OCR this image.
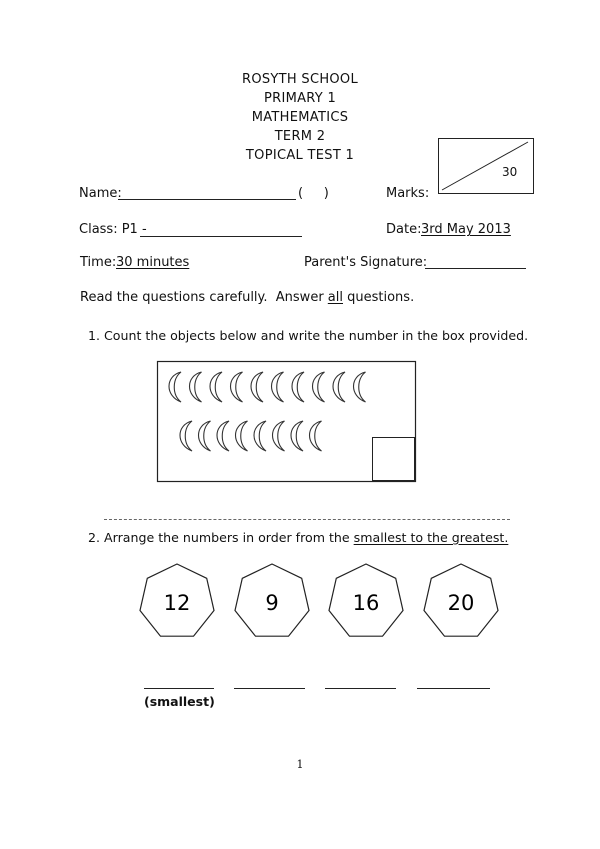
ROSYTH SCHOOL
PRIMARY 1
MATHEMATICS
TERM 2
TOPICAL TEST 1
30
Name:	(     )	Marks:
Class: P1 -	Date: 3rd May 2013
Time: 30 minutes	Parent's Signature:
Read the questions carefully.  Answer all questions.
1. Count the objects below and write the number in the box provided.
2. Arrange the numbers in order from the smallest to the greatest.
12	9	16	20
(smallest)
1
